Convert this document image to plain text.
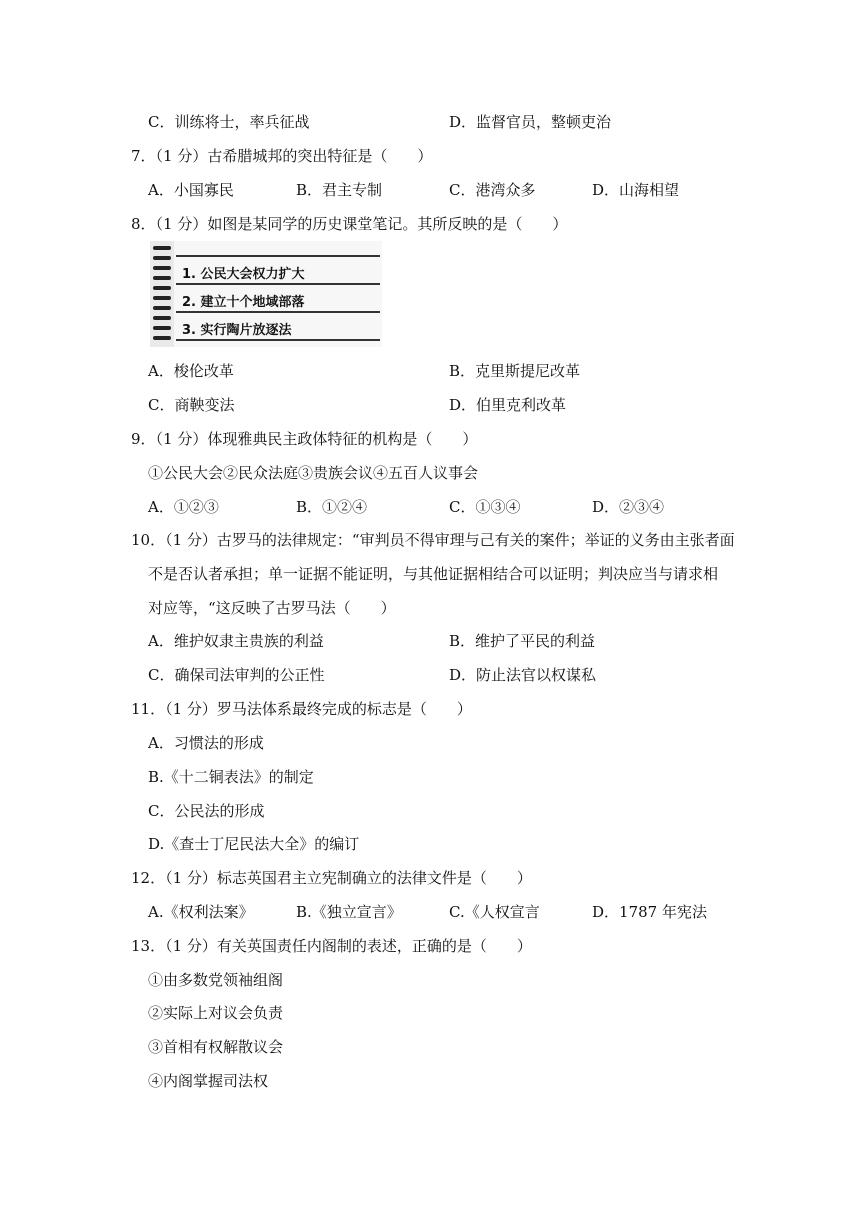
C．训练将士，率兵征战	D．监督官员，整顿吏治
7．（1 分）古希腊城邦的突出特征是（　　）
A．小国寡民	B．君主专制	C．港湾众多	D．山海相望
8．（1 分）如图是某同学的历史课堂笔记。其所反映的是（　　）
1. 公民大会权力扩大
2. 建立十个地域部落
3. 实行陶片放逐法
A．梭伦改革	B．克里斯提尼改革
C．商鞅变法	D．伯里克利改革
9．（1 分）体现雅典民主政体特征的机构是（　　）
①公民大会②民众法庭③贵族会议④五百人议事会
A．①②③	B．①②④	C．①③④	D．②③④
10．（1 分）古罗马的法律规定：“审判员不得审理与己有关的案件；举证的义务由主张者面
不是否认者承担；单一证据不能证明，与其他证据相结合可以证明；判决应当与请求相
对应等，“这反映了古罗马法（　　）
A．维护奴隶主贵族的利益	B．维护了平民的利益
C．确保司法审判的公正性	D．防止法官以权谋私
11．（1 分）罗马法体系最终完成的标志是（　　）
A．习惯法的形成
B.《十二铜表法》的制定
C．公民法的形成
D.《查士丁尼民法大全》的编订
12．（1 分）标志英国君主立宪制确立的法律文件是（　　）
A.《权利法案》	B.《独立宣言》	C.《人权宣言	D．1787 年宪法
13．（1 分）有关英国责任内阁制的表述，正确的是（　　）
①由多数党领袖组阁
②实际上对议会负责
③首相有权解散议会
④内阁掌握司法权
